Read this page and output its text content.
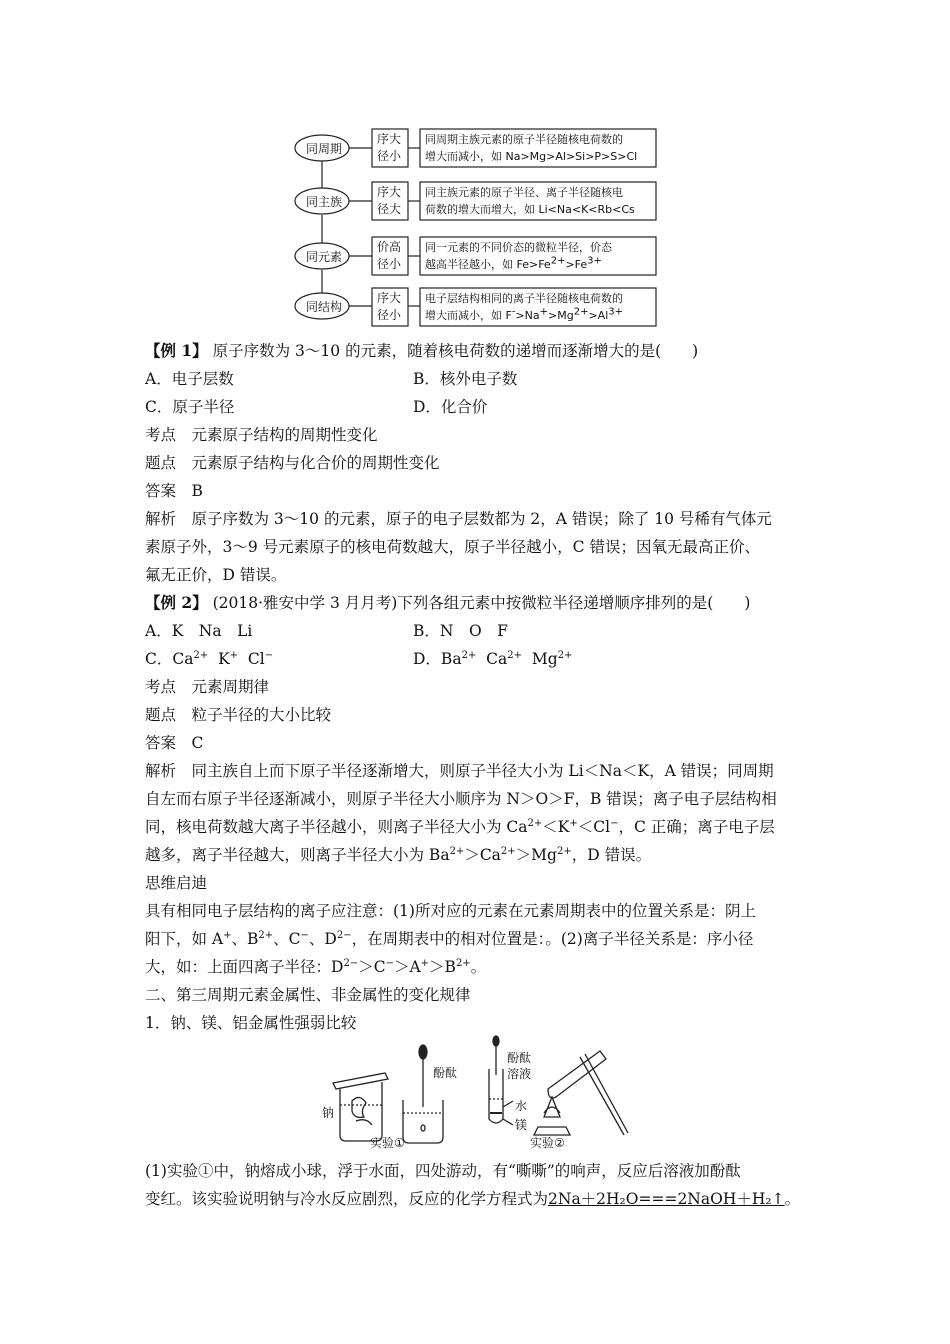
同周期
同主族
同元素
同结构
序大
径小
序大
径大
价高
径小
序大
径小
同周期主族元素的原子半径随核电荷数的
增大而减小，如 Na>Mg>Al>Si>P>S>Cl
同主族元素的原子半径、离子半径随核电
荷数的增大而增大，如 Li<Na<K<Rb<Cs
同一元素的不同价态的微粒半径，价态
越高半径越小，如 $Fe>Fe^{2+}>Fe^{3+}$
电子层结构相同的离子半径随核电荷数的
增大而减小，如 $F^->Na^+>Mg^{2+}>Al^{3+}$
【例 1】 原子序数为 3～10 的元素，随着核电荷数的递增而逐渐增大的是(　　)
A．电子层数	B．核外电子数
C．原子半径	D．化合价
考点　元素原子结构的周期性变化
题点　元素原子结构与化合价的周期性变化
答案　B
解析　原子序数为 3～10 的元素，原子的电子层数都为 2，A 错误；除了 10 号稀有气体元
素原子外，3～9 号元素原子的核电荷数越大，原子半径越小，C 错误；因氧无最高正价、
氟无正价，D 错误。
【例 2】 (2018·雅安中学 3 月月考)下列各组元素中按微粒半径递增顺序排列的是(　　)
A．K　Na　Li	B．N　O　F
C．$Ca^{2+}$  K+  Cl−	D．$Ba^{2+}$  $Ca^{2+}$  $Mg^{2+}$
考点　元素周期律
题点　粒子半径的大小比较
答案　C
解析　同主族自上而下原子半径逐渐增大，则原子半径大小为 Li＜Na＜K，A 错误；同周期
自左而右原子半径逐渐减小，则原子半径大小顺序为 N＞O＞F，B 错误；离子电子层结构相
同，核电荷数越大离子半径越小，则离子半径大小为 $Ca^{2+}<K^+<Cl^-$，C 正确；离子电子层
越多，离子半径越大，则离子半径大小为 $Ba^{2+}>Ca^{2+}>Mg^{2+}$，D 错误。
思维启迪
具有相同电子层结构的离子应注意：(1)所对应的元素在元素周期表中的位置关系是：阴上
阳下，如 A+、$B^{2+}$、C−、$D^{2-}$，在周期表中的相对位置是：。(2)离子半径关系是：序小径
大，如：上面四离子半径：$D^{2-}>C^->A^+>B^{2+}$。
二、第三周期元素金属性、非金属性的变化规律
1．钠、镁、铝金属性强弱比较
钠
酚酞
实验①
酚酞
溶液
水
镁
实验②
(1)实验①中，钠熔成小球，浮于水面，四处游动，有“嘶嘶”的响声，反应后溶液加酚酞
变红。该实验说明钠与冷水反应剧烈，反应的化学方程式为2Na＋2H₂O===2NaOH＋H₂↑。
